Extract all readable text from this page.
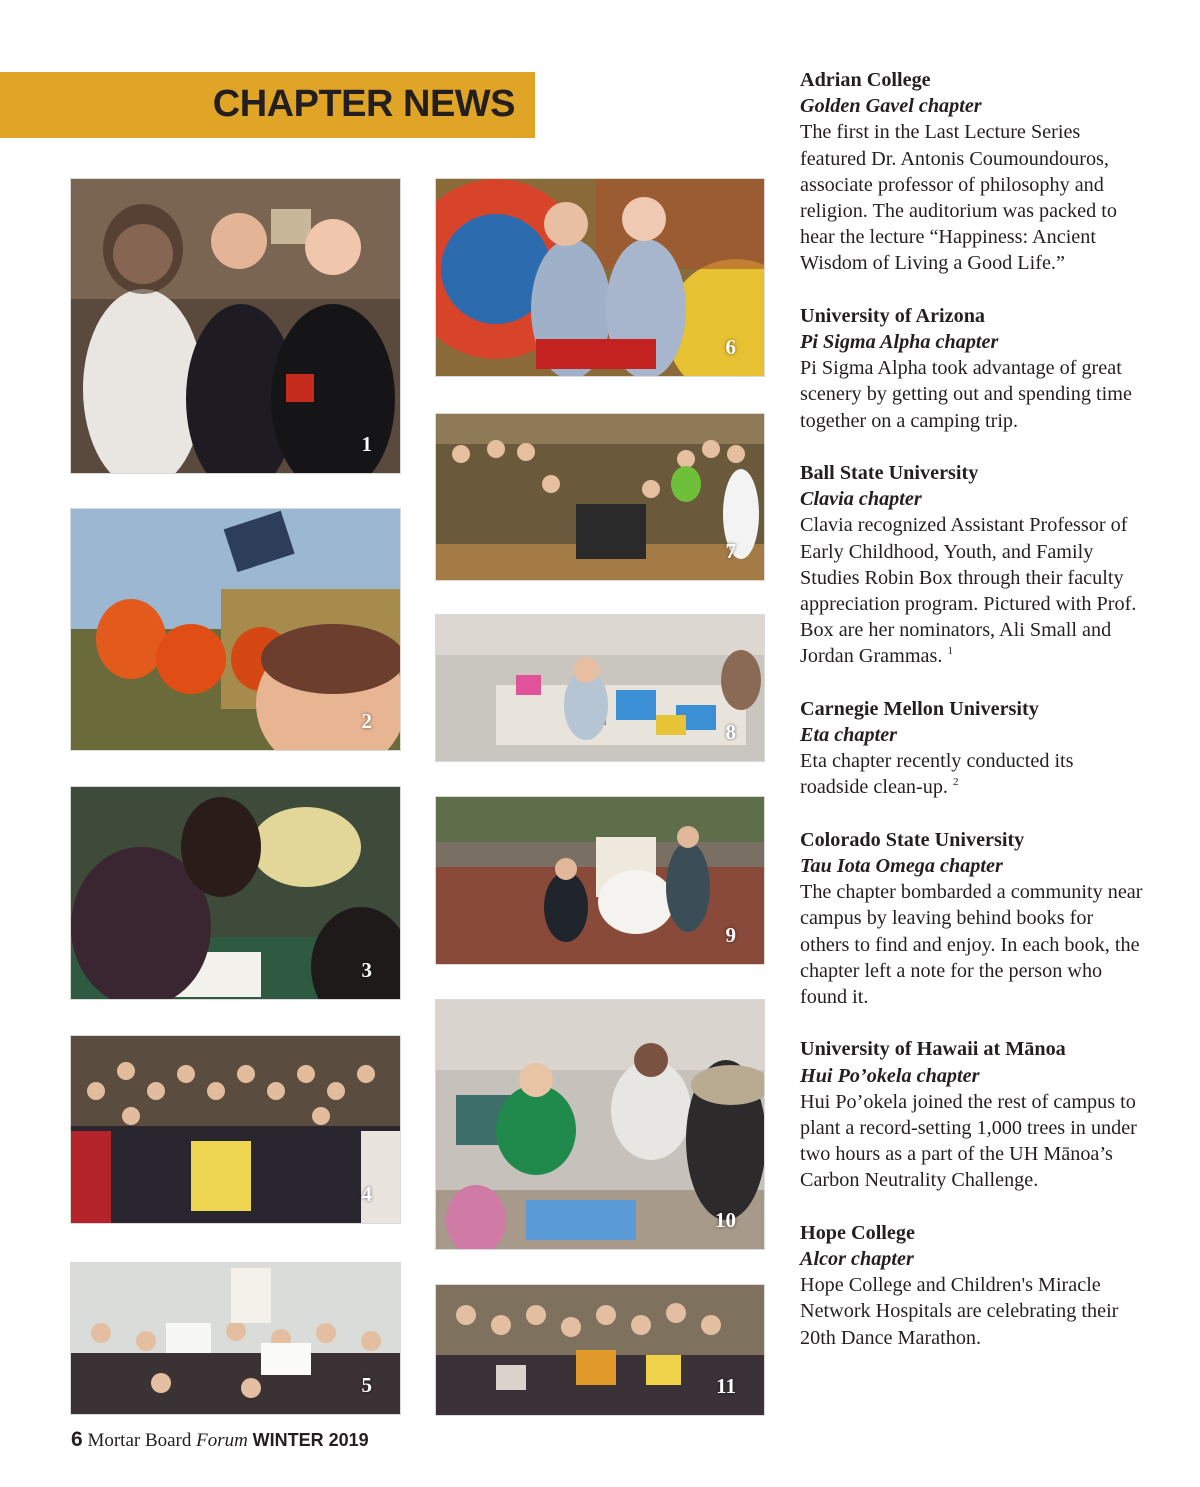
CHAPTER NEWS
1
2
3
4
5
6
7
8
9
10
11
Adrian College
Golden Gavel chapter
The first in the Last Lecture Series featured Dr. Antonis Coumoundouros, associate professor of philosophy and religion. The auditorium was packed to hear the lecture “Happiness: Ancient Wisdom of Living a Good Life.”
University of Arizona
Pi Sigma Alpha chapter
Pi Sigma Alpha took advantage of great scenery by getting out and spending time together on a camping trip.
Ball State University
Clavia chapter
Clavia recognized Assistant Professor of Early Childhood, Youth, and Family Studies Robin Box through their faculty appreciation program. Pictured with Prof. Box are her nominators, Ali Small and Jordan Grammas. $^1$
Carnegie Mellon University
Eta chapter
Eta chapter recently conducted its roadside clean-up. $^2$
Colorado State University
Tau Iota Omega chapter
The chapter bombarded a community near campus by leaving behind books for others to find and enjoy. In each book, the chapter left a note for the person who found it.
University of Hawaii at Mānoa
Hui Po’okela chapter
Hui Po’okela joined the rest of campus to plant a record-setting 1,000 trees in under two hours as a part of the UH Mānoa’s Carbon Neutrality Challenge.
Hope College
Alcor chapter
Hope College and Children's Miracle Network Hospitals are celebrating their 20th Dance Marathon.
6 Mortar Board Forum WINTER 2019
